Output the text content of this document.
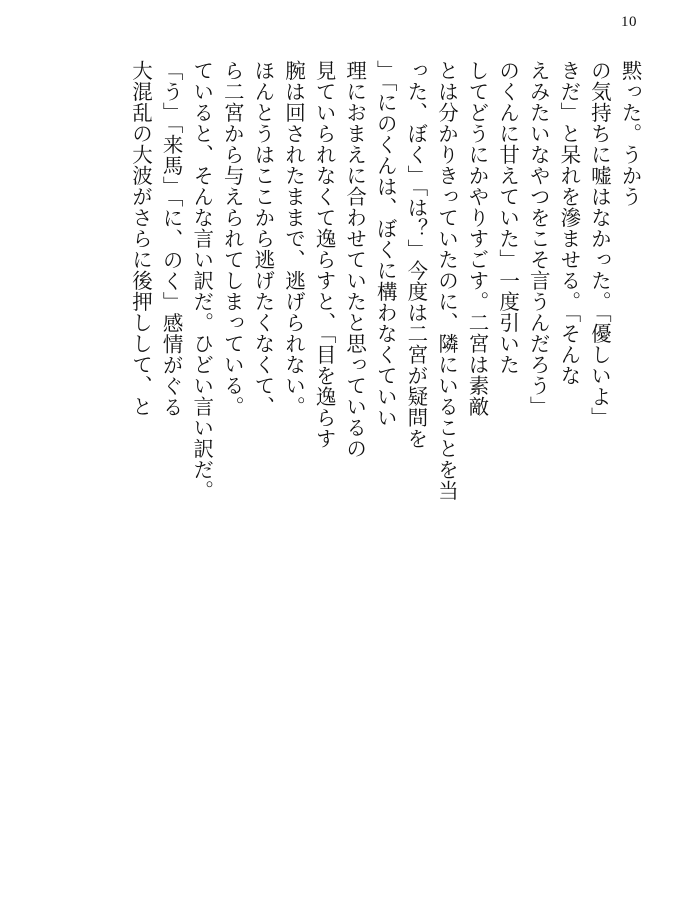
10
黙った。うかう
の気持ちに嘘はなかった。「優しいよ」
きだ」と呆れを滲ませる。「そんな
えみたいなやつをこそ言うんだろう」
のくんに甘えていた」一度引いた
してどうにかやりすごす。二宮は素敵
とは分かりきっていたのに、隣にいることを当
った、ぼく」「は？」今度は二宮が疑問を
」「にのくんは、ぼくに構わなくていい
理におまえに合わせていたと思っているの
見ていられなくて逸らすと、「目を逸らす
腕は回されたままで、逃げられない。
ほんとうはここから逃げたくなくて、
ら二宮から与えられてしまっている。
ていると、そんな言い訳だ。ひどい言い訳だ。
「う」「来馬」「に、のく」感情がぐる
大混乱の大波がさらに後押しして、と
